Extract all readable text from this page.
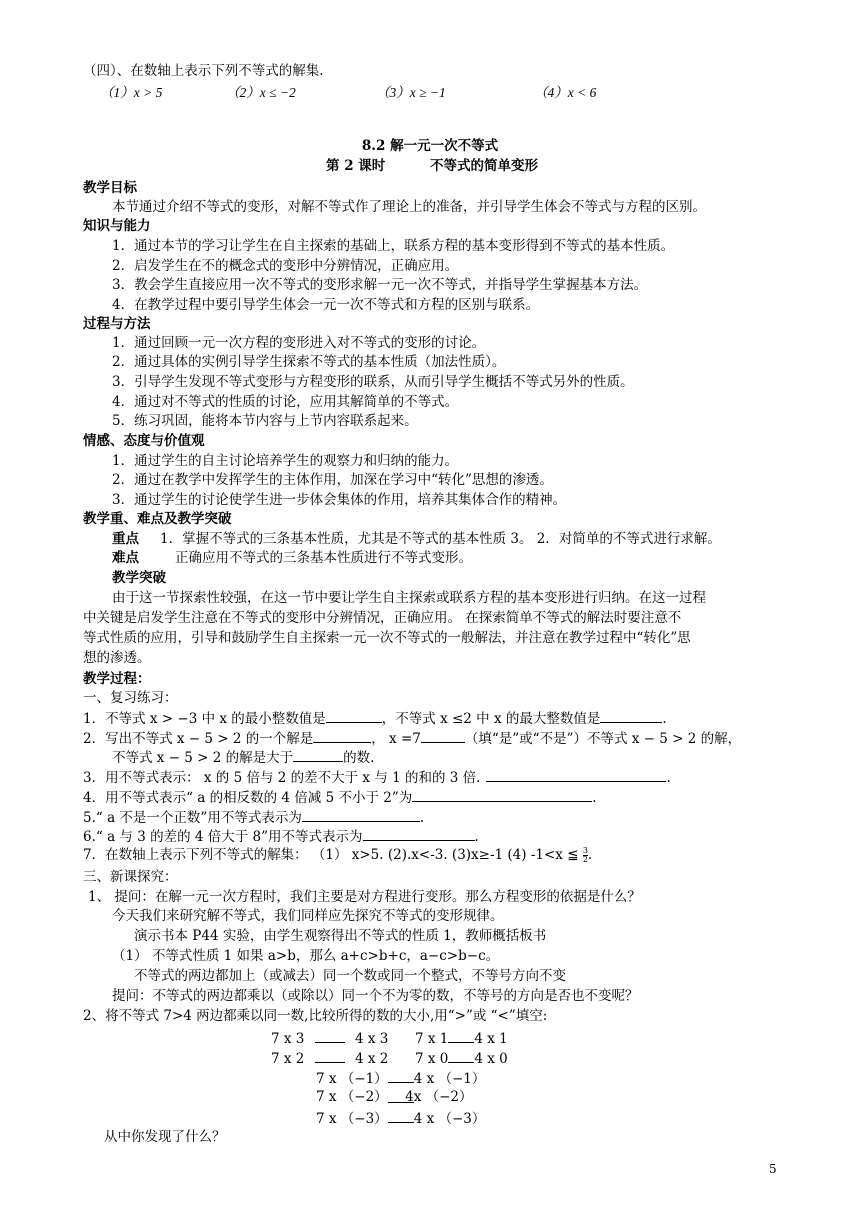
（四）、在数轴上表示下列不等式的解集.
（1）x > 5	（2）x ≤ −2	（3）x ≥ −1	（4）x < 6
8.2 解一元一次不等式
第 2 课时	不等式的简单变形
教学目标
本节通过介绍不等式的变形，对解不等式作了理论上的准备，并引导学生体会不等式与方程的区别。
知识与能力
1．通过本节的学习让学生在自主探索的基础上，联系方程的基本变形得到不等式的基本性质。
2．启发学生在不的概念式的变形中分辨情况，正确应用。
3．教会学生直接应用一次不等式的变形求解一元一次不等式，并指导学生掌握基本方法。
4．在教学过程中要引导学生体会一元一次不等式和方程的区别与联系。
过程与方法
1．通过回顾一元一次方程的变形进入对不等式的变形的讨论。
2．通过具体的实例引导学生探索不等式的基本性质（加法性质）。
3．引导学生发现不等式变形与方程变形的联系，从而引导学生概括不等式另外的性质。
4．通过对不等式的性质的讨论，应用其解简单的不等式。
5．练习巩固，能将本节内容与上节内容联系起来。
情感、态度与价值观
1．通过学生的自主讨论培养学生的观察力和归纳的能力。
2．通过在教学中发挥学生的主体作用，加深在学习中“转化”思想的渗透。
3．通过学生的讨论使学生进一步体会集体的作用，培养其集体合作的精神。
教学重、难点及教学突破
重点 1．掌握不等式的三条基本性质，尤其是不等式的基本性质 3。 2．对简单的不等式进行求解。
难点	正确应用不等式的三条基本性质进行不等式变形。
教学突破
由于这一节探索性较强，在这一节中要让学生自主探索或联系方程的基本变形进行归纳。在这一过程
中关键是启发学生注意在不等式的变形中分辨情况，正确应用。 在探索简单不等式的解法时要注意不
等式性质的应用，引导和鼓励学生自主探索一元一次不等式的一般解法，并注意在教学过程中“转化”思
想的渗透。
教学过程：
一、复习练习：
1．不等式 x > −3 中 x 的最小整数值是	，不等式 x ≤2 中 x 的最大整数值是	.
2．写出不等式 x − 5 > 2 的一个解是	， x =7	（填“是”或“不是”）不等式 x − 5 > 2 的解，
不等式 x − 5 > 2 的解是大于	的数.
3．用不等式表示： x 的 5 倍与 2 的差不大于 x 与 1 的和的 3 倍.	.
4．用不等式表示“ a 的相反数的 4 倍减 5 不小于 2”为	.
5.“ a 不是一个正数”用不等式表示为	.
6.“ a 与 3 的差的 4 倍大于 8”用不等式表示为	.
7．在数轴上表示下列不等式的解集： （1） x>5. (2).x<-3. (3)x≥-1 (4) -1<x ≦ $\frac{3}{2}$ .
三、新课探究：
1、 提问：在解一元一次方程时，我们主要是对方程进行变形。那么方程变形的依据是什么？
今天我们来研究解不等式，我们同样应先探究不等式的变形规律。
演示书本 P44 实验，由学生观察得出不等式的性质 1，教师概括板书
（1） 不等式性质 1 如果 a>b，那么 a+c>b+c，a−c>b−c。
不等式的两边都加上（或减去）同一个数或同一个整式，不等号方向不变
提问：不等式的两边都乘以（或除以）同一个不为零的数，不等号的方向是否也不变呢？
2、将不等式 7>4 两边都乘以同一数,比较所得的数的大小,用“>”或 “<”填空:
7 x 3	4 x 3 7 x 1 4 x 1
7 x 2	4 x 2 7 x 0 4 x 0
7 x （−1） 4 x （−1）
7 x （−2） 4x （−2）
7 x （−3） 4 x （−3）
从中你发现了什么？
5
